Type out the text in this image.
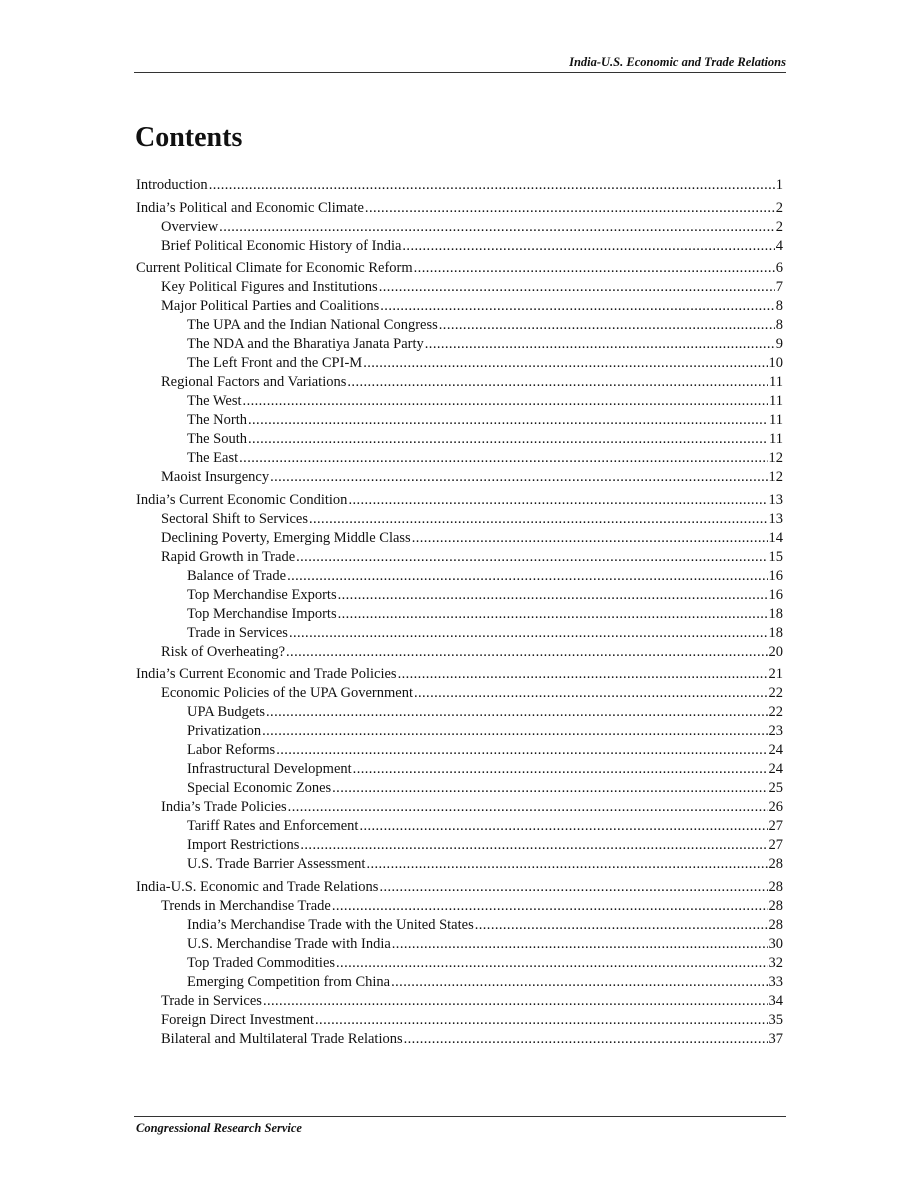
India-U.S. Economic and Trade Relations
Contents
Introduction .....	1
India’s Political and Economic Climate .....	2
Overview .....	2
Brief Political Economic History of India .....	4
Current Political Climate for Economic Reform .....	6
Key Political Figures and Institutions .....	7
Major Political Parties and Coalitions .....	8
The UPA and the Indian National Congress .....	8
The NDA and the Bharatiya Janata Party .....	9
The Left Front and the CPI-M .....	10
Regional Factors and Variations .....	11
The West .....	11
The North .....	11
The South .....	11
The East .....	12
Maoist Insurgency .....	12
India’s Current Economic Condition .....	13
Sectoral Shift to Services .....	13
Declining Poverty, Emerging Middle Class .....	14
Rapid Growth in Trade .....	15
Balance of Trade .....	16
Top Merchandise Exports .....	16
Top Merchandise Imports .....	18
Trade in Services .....	18
Risk of Overheating? .....	20
India’s Current Economic and Trade Policies .....	21
Economic Policies of the UPA Government .....	22
UPA Budgets .....	22
Privatization .....	23
Labor Reforms .....	24
Infrastructural Development .....	24
Special Economic Zones .....	25
India’s Trade Policies .....	26
Tariff Rates and Enforcement .....	27
Import Restrictions .....	27
U.S. Trade Barrier Assessment .....	28
India-U.S. Economic and Trade Relations .....	28
Trends in Merchandise Trade .....	28
India’s Merchandise Trade with the United States .....	28
U.S. Merchandise Trade with India .....	30
Top Traded Commodities .....	32
Emerging Competition from China .....	33
Trade in Services .....	34
Foreign Direct Investment .....	35
Bilateral and Multilateral Trade Relations .....	37
Congressional Research Service
